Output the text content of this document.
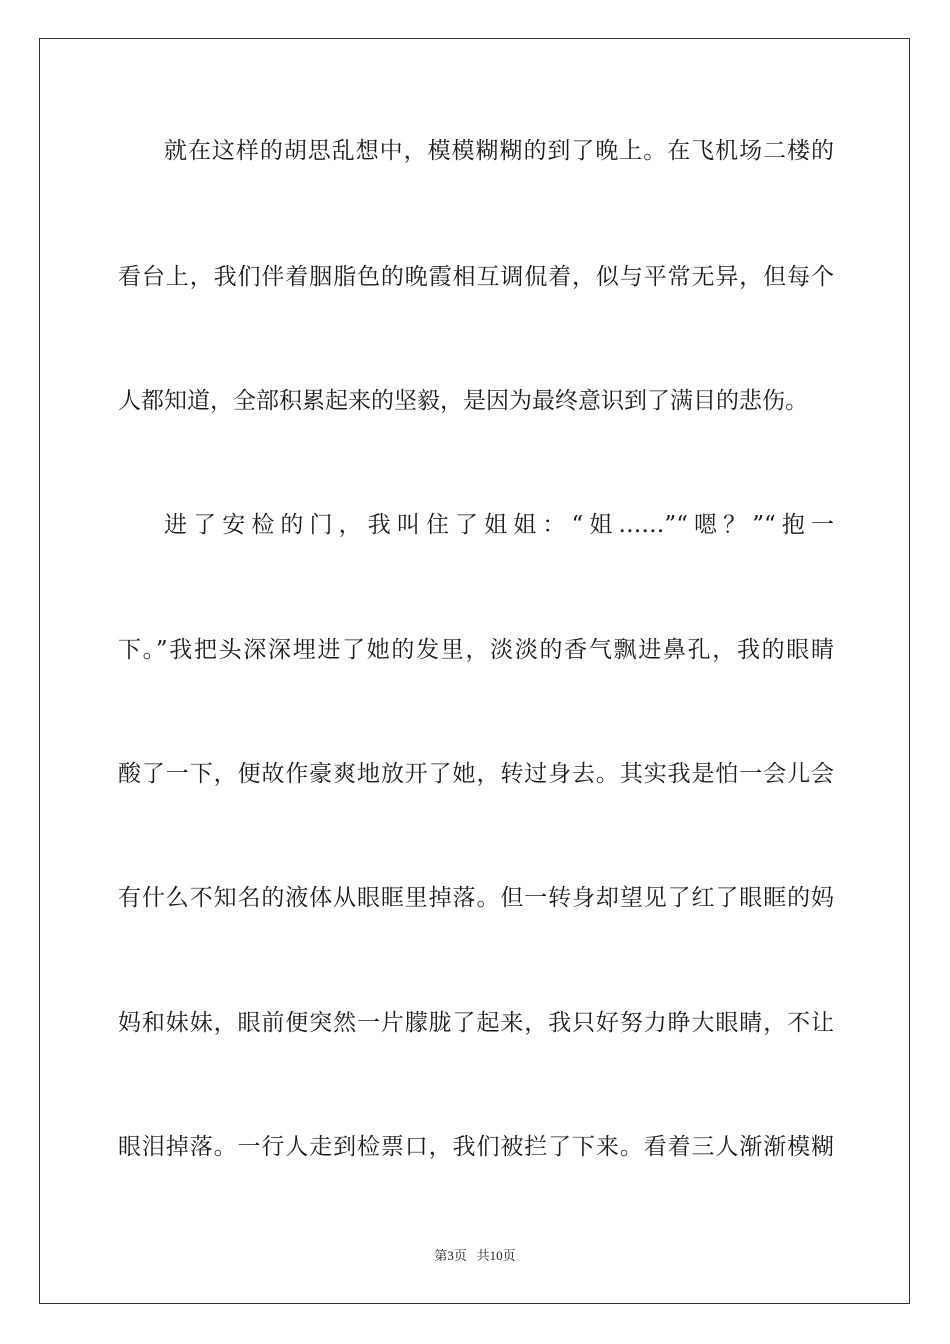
就在这样的胡思乱想中，模模糊糊的到了晚上。在飞机场二楼的
看台上，我们伴着胭脂色的晚霞相互调侃着，似与平常无异，但每个
人都知道，全部积累起来的坚毅，是因为最终意识到了满目的悲伤。
进了安检的门，我叫住了姐姐：“姐……”“嗯？”“抱一
下。”我把头深深埋进了她的发里，淡淡的香气飘进鼻孔，我的眼睛
酸了一下，便故作豪爽地放开了她，转过身去。其实我是怕一会儿会
有什么不知名的液体从眼眶里掉落。但一转身却望见了红了眼眶的妈
妈和妹妹，眼前便突然一片朦胧了起来，我只好努力睁大眼睛，不让
眼泪掉落。一行人走到检票口，我们被拦了下来。看着三人渐渐模糊
第3页 共10页
